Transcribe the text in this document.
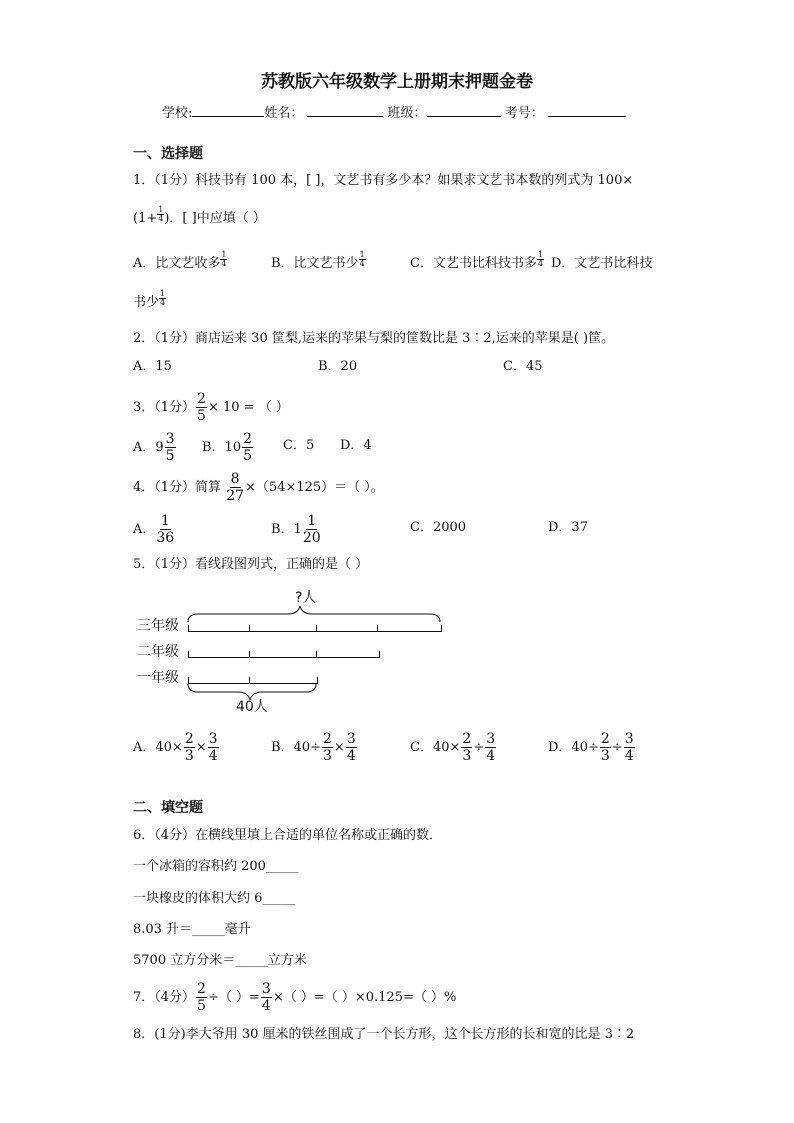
苏教版六年级数学上册期末押题金卷
学校:	姓名：	班级：	考号：
一、选择题
1．（1分）科技书有 100 本，[ ]，文艺书有多少本？如果求文艺书本数的列式为 100×
($1+ \frac{1}{4}$ )．[ ]中应填（ ）
A．比文艺收多 $\frac{1}{4}$	B．比文艺书少 $\frac{1}{4}$	C．文艺书比科技书多 $\frac{1}{4}$ D．文艺书比科技
书少 $\frac{1}{4}$
2．（1分）商店运来 30 筐梨,运来的苹果与梨的筐数比是 3∶2,运来的苹果是( )筐。
A．15	B．20	C．45
3．（1分） $\frac{2}{5} \times 10$ = （ ）
A．$9 \frac{3}{5}$ B．$10 \frac{2}{5}$ C．5 D．4
4．（1分）简算 $\frac{8}{27} \times(54\times 125)=$（ ）。
A． $\frac{1}{36}$	B．$1 \frac{1}{20}$	C．2000	D．37
5．（1分）看线段图列式，正确的是（ ）
?人
三年级
二年级
一年级
40人
A．$40\times \frac{2}{3} \times \frac{3}{4}$	B．$40\div \frac{2}{3} \times \frac{3}{4}$	C．$40\times \frac{2}{3} \div \frac{3}{4}$	D．$40\div \frac{2}{3} \div \frac{3}{4}$
二、填空题
6．（4分）在横线里填上合适的单位名称或正确的数．
一个冰箱的容积约 200_____
一块橡皮的体积大约 6_____
8.03 升＝_____毫升
5700 立方分米＝_____立方米
7．（4分） $\frac{2}{5}$ ÷（ ）= $\frac{3}{4}$ ×（ ）=（ ）×0.125=（ ）%
8．(1分)李大爷用 30 厘米的铁丝围成了一个长方形，这个长方形的长和宽的比是 3∶2
